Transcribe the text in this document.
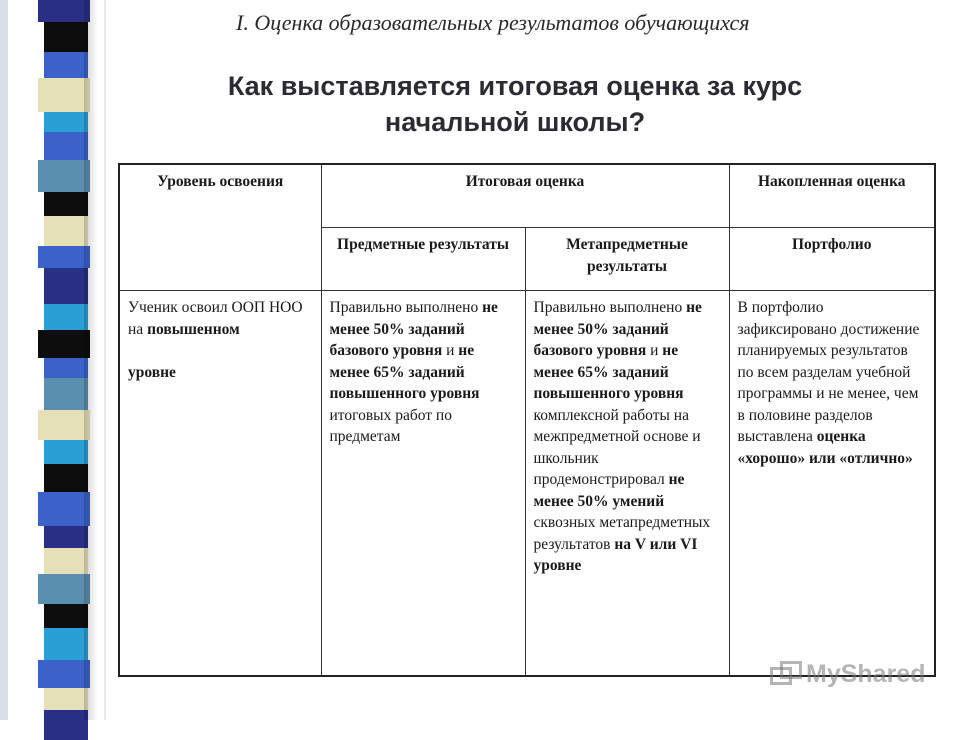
I. Оценка образовательных результатов обучающихся
Как выставляется итоговая оценка за курс
начальной школы?
Уровень освоения	Итоговая оценка		Накопленная оценка
	Предметные результаты	Метапредметные результаты	Портфолио
Ученик освоил ООП НОО на повышенном

уровне	Правильно выполнено не менее 50% заданий базового уровня и не менее 65% заданий повышенного уровня итоговых работ по предметам	Правильно выполнено не менее 50% заданий базового уровня и не менее 65% заданий повышенного уровня комплексной работы на межпредметной основе и школьник продемонстрировал не менее 50% умений сквозных метапредметных результатов на V или VI уровне	В портфолио зафиксировано достижение планируемых результатов по всем разделам учебной программы и не менее, чем в половине разделов выставлена оценка «хорошо» или «отлично»
MyShared
